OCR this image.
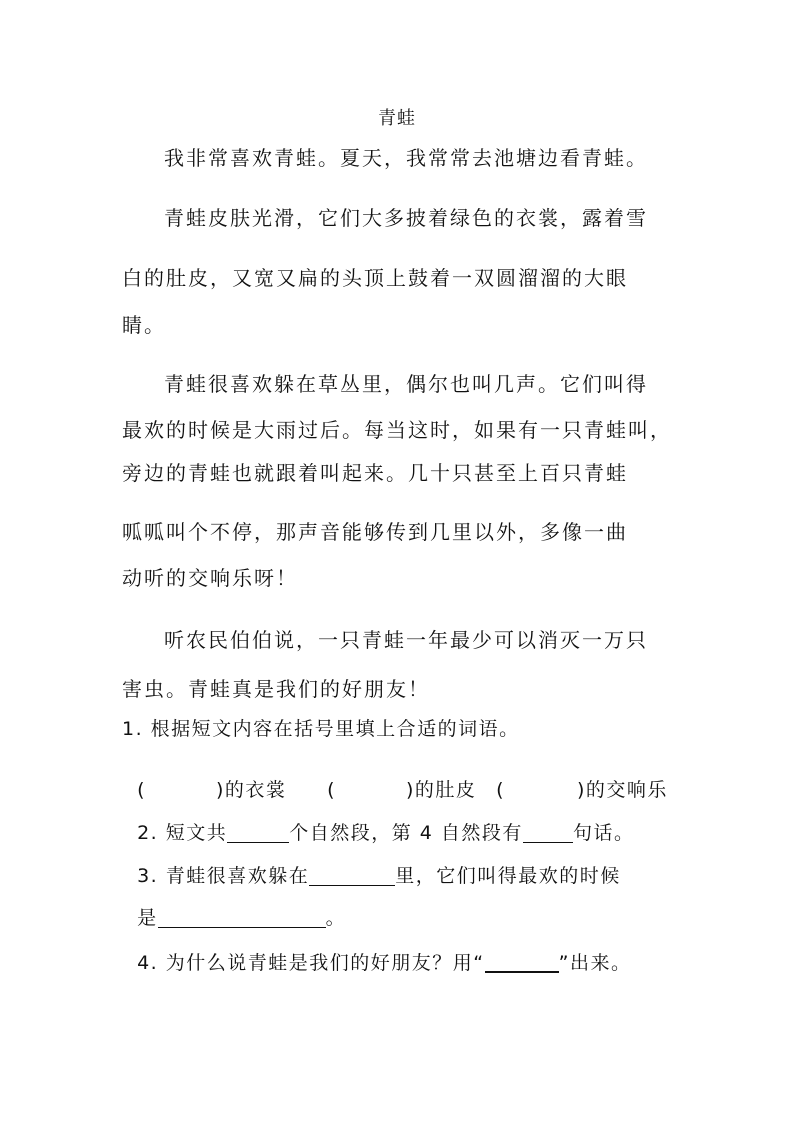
青蛙
我非常喜欢青蛙。夏天，我常常去池塘边看青蛙。
青蛙皮肤光滑，它们大多披着绿色的衣裳，露着雪
白的肚皮，又宽又扁的头顶上鼓着一双圆溜溜的大眼
睛。
青蛙很喜欢躲在草丛里，偶尔也叫几声。它们叫得
最欢的时候是大雨过后。每当这时，如果有一只青蛙叫，
旁边的青蛙也就跟着叫起来。几十只甚至上百只青蛙
呱呱叫个不停，那声音能够传到几里以外，多像一曲
动听的交响乐呀！
听农民伯伯说，一只青蛙一年最少可以消灭一万只
害虫。青蛙真是我们的好朋友！
1. 根据短文内容在括号里填上合适的词语。

(	)的衣裳	(	)的肚皮	(	)的交响乐

2. 短文共	个自然段，第 4 自然段有	句话。

3. 青蛙很喜欢躲在	里，它们叫得最欢的时候

是	。

4. 为什么说青蛙是我们的好朋友？用“	”出来。
